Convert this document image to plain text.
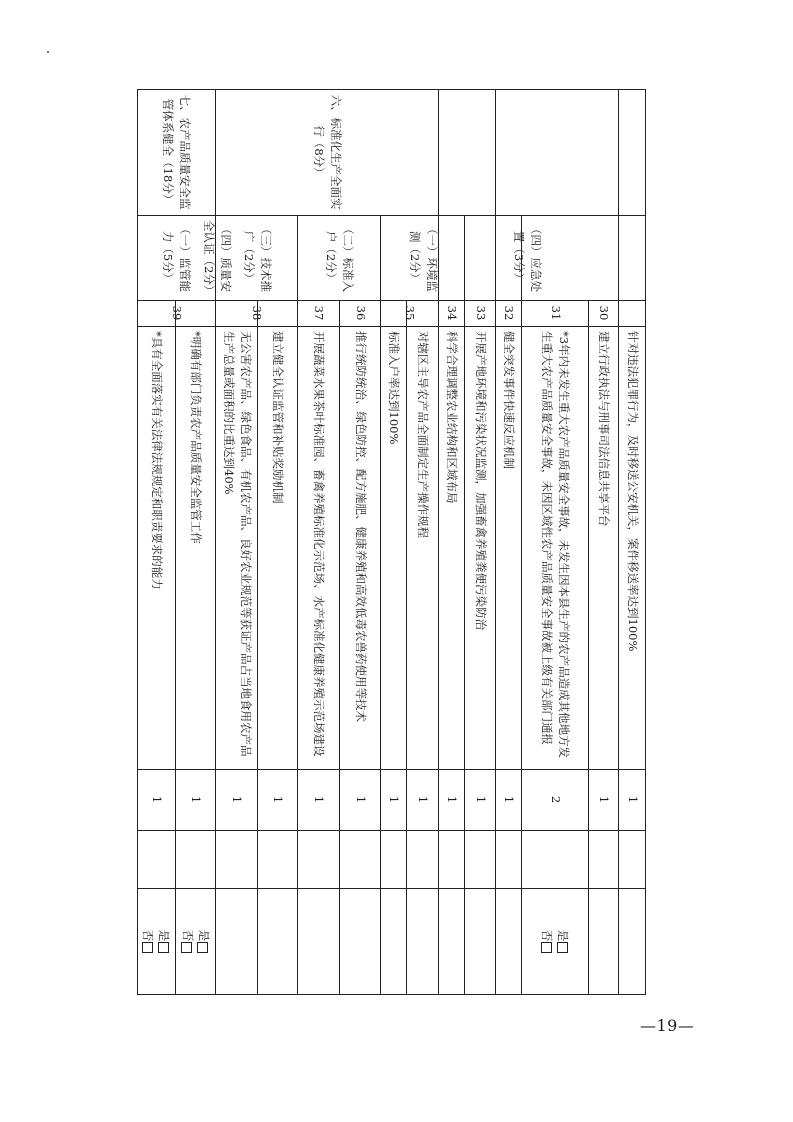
六、标准化生产全面实行（8分）
七、农产品质量安全监管体系健全（18分）
（四）应急处置（3分）
（一）环境监测（2分）
（二）标准入户（2分）
（三）技术推广（2分）
（四）质量安全认证（2分）
（一）监管能力（5分）
30
31
32
33
34
35
36
37
38
39
针对违法犯罪行为，及时移送公安机关，案件移送率达到100%
建立行政执法与刑事司法信息共享平台
*3年内未发生重大农产品质量安全事故，未发生因本县生产的农产品造成其他地方发生重大农产品质量安全事故，未因区域性农产品质量安全事故被上级有关部门通报
健全突发事件快速反应机制
开展产地环境和污染状况监测，加强畜禽养殖粪便污染防治
科学合理调整农业结构和区域布局
对辖区主导农产品全面制定生产操作规程
标准入户率达到100%
推行统防统治、绿色防控、配方施肥、健康养殖和高效低毒农兽药使用等技术
开展蔬菜水果茶叶标准园、畜禽养殖标准化示范场、水产标准化健康养殖示范场建设
建立健全认证监管和补贴奖励机制
无公害农产品、绿色食品、有机农产品、良好农业规范等获证产品占当地食用农产品生产总量或面积的比重达到40%
*明确有部门负责农产品质量安全监管工作
*具有全面落实有关法律法规规定和职责要求的能力
1
1
2
1
1
1
1
1
1
1
1
1
1
1
是
否
是
否
是
否
—19—
